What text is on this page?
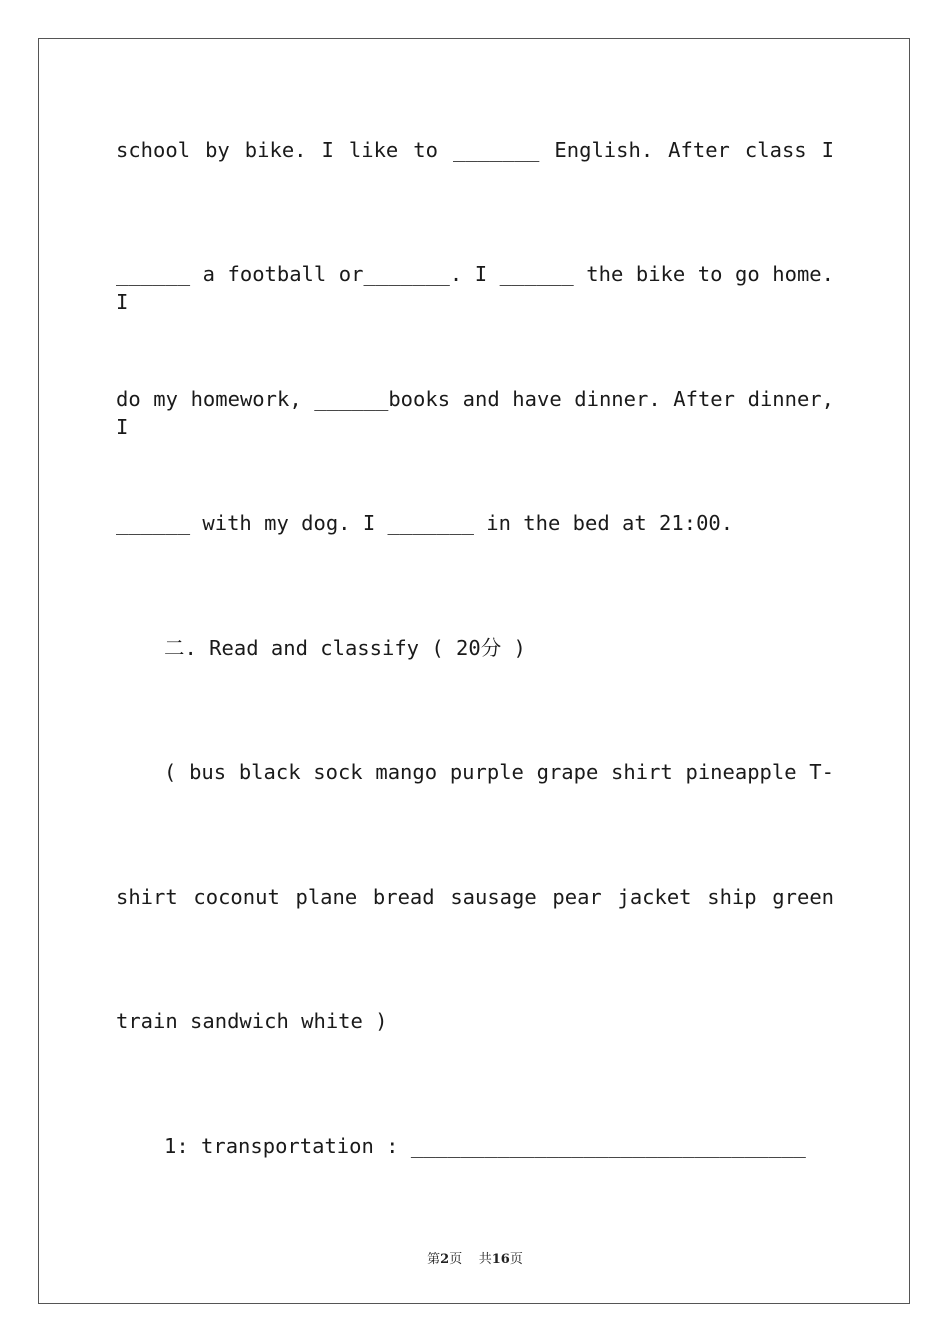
school by bike. I like to _______ English. After class I
______ a football or_______. I ______ the bike to go home. I
do my homework, ______books and have dinner. After dinner, I
______ with my dog. I _______ in the bed at 21:00.
二. Read and classify ( 20分 )
( bus black sock mango purple grape shirt pineapple T-
shirt coconut plane bread sausage pear jacket ship green
train sandwich white )
1: transportation : ________________________________
第2页 共16页
